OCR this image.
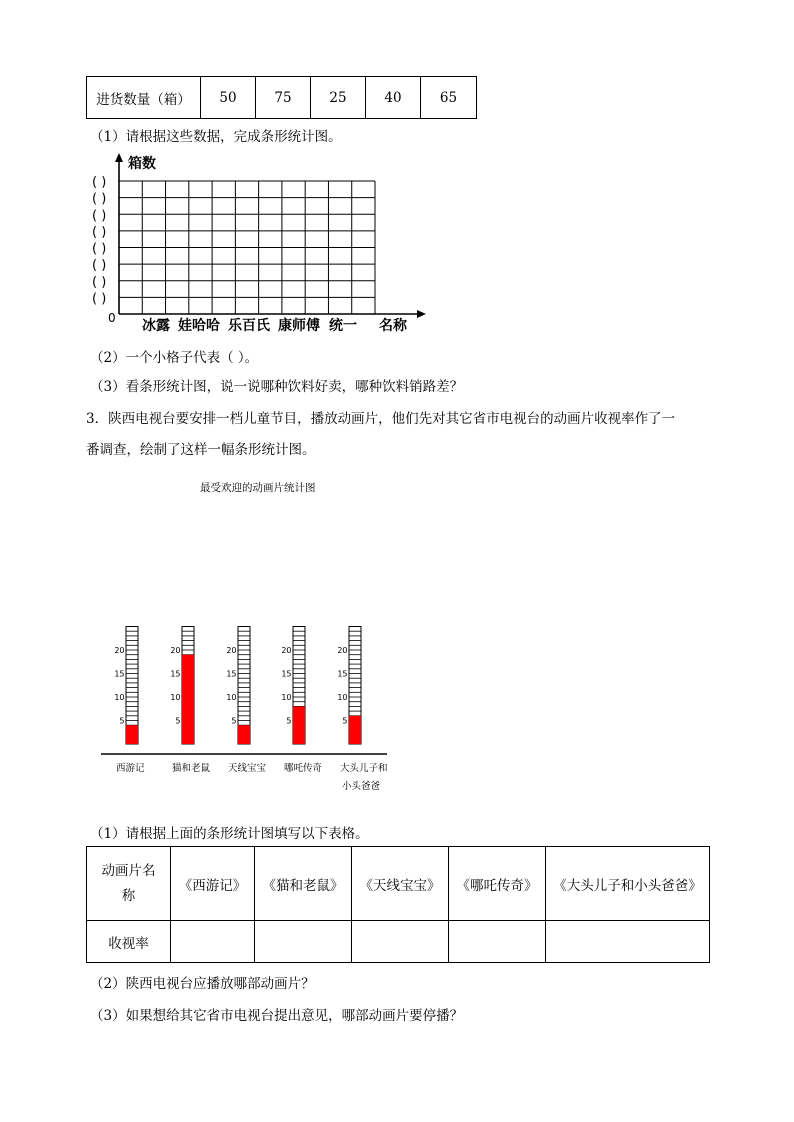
进货数量（箱）	50	75	25	40	65
（1）请根据这些数据，完成条形统计图。
箱数
0
( )
( )
( )
( )
( )
( )
( )
( )
冰露 娃哈哈 乐百氏 康师傅 统一 名称
（2）一个小格子代表（ ）。
（3）看条形统计图，说一说哪种饮料好卖，哪种饮料销路差？
3．陕西电视台要安排一档儿童节目，播放动画片，他们先对其它省市电视台的动画片收视率作了一
番调查，绘制了这样一幅条形统计图。
最受欢迎的动画片统计图
20
15
10
5
20
15
10
5
20
15
10
5
20
15
10
5
20
15
10
5
西游记	猫和老鼠 天线宝宝 哪吒传奇 大头儿子和
小头爸爸
（1）请根据上面的条形统计图填写以下表格。
动画片名
称	《西游记》	《猫和老鼠》	《天线宝宝》	《哪吒传奇》	《大头儿子和小头爸爸》
收视率					
（2）陕西电视台应播放哪部动画片？
（3）如果想给其它省市电视台提出意见，哪部动画片要停播？
